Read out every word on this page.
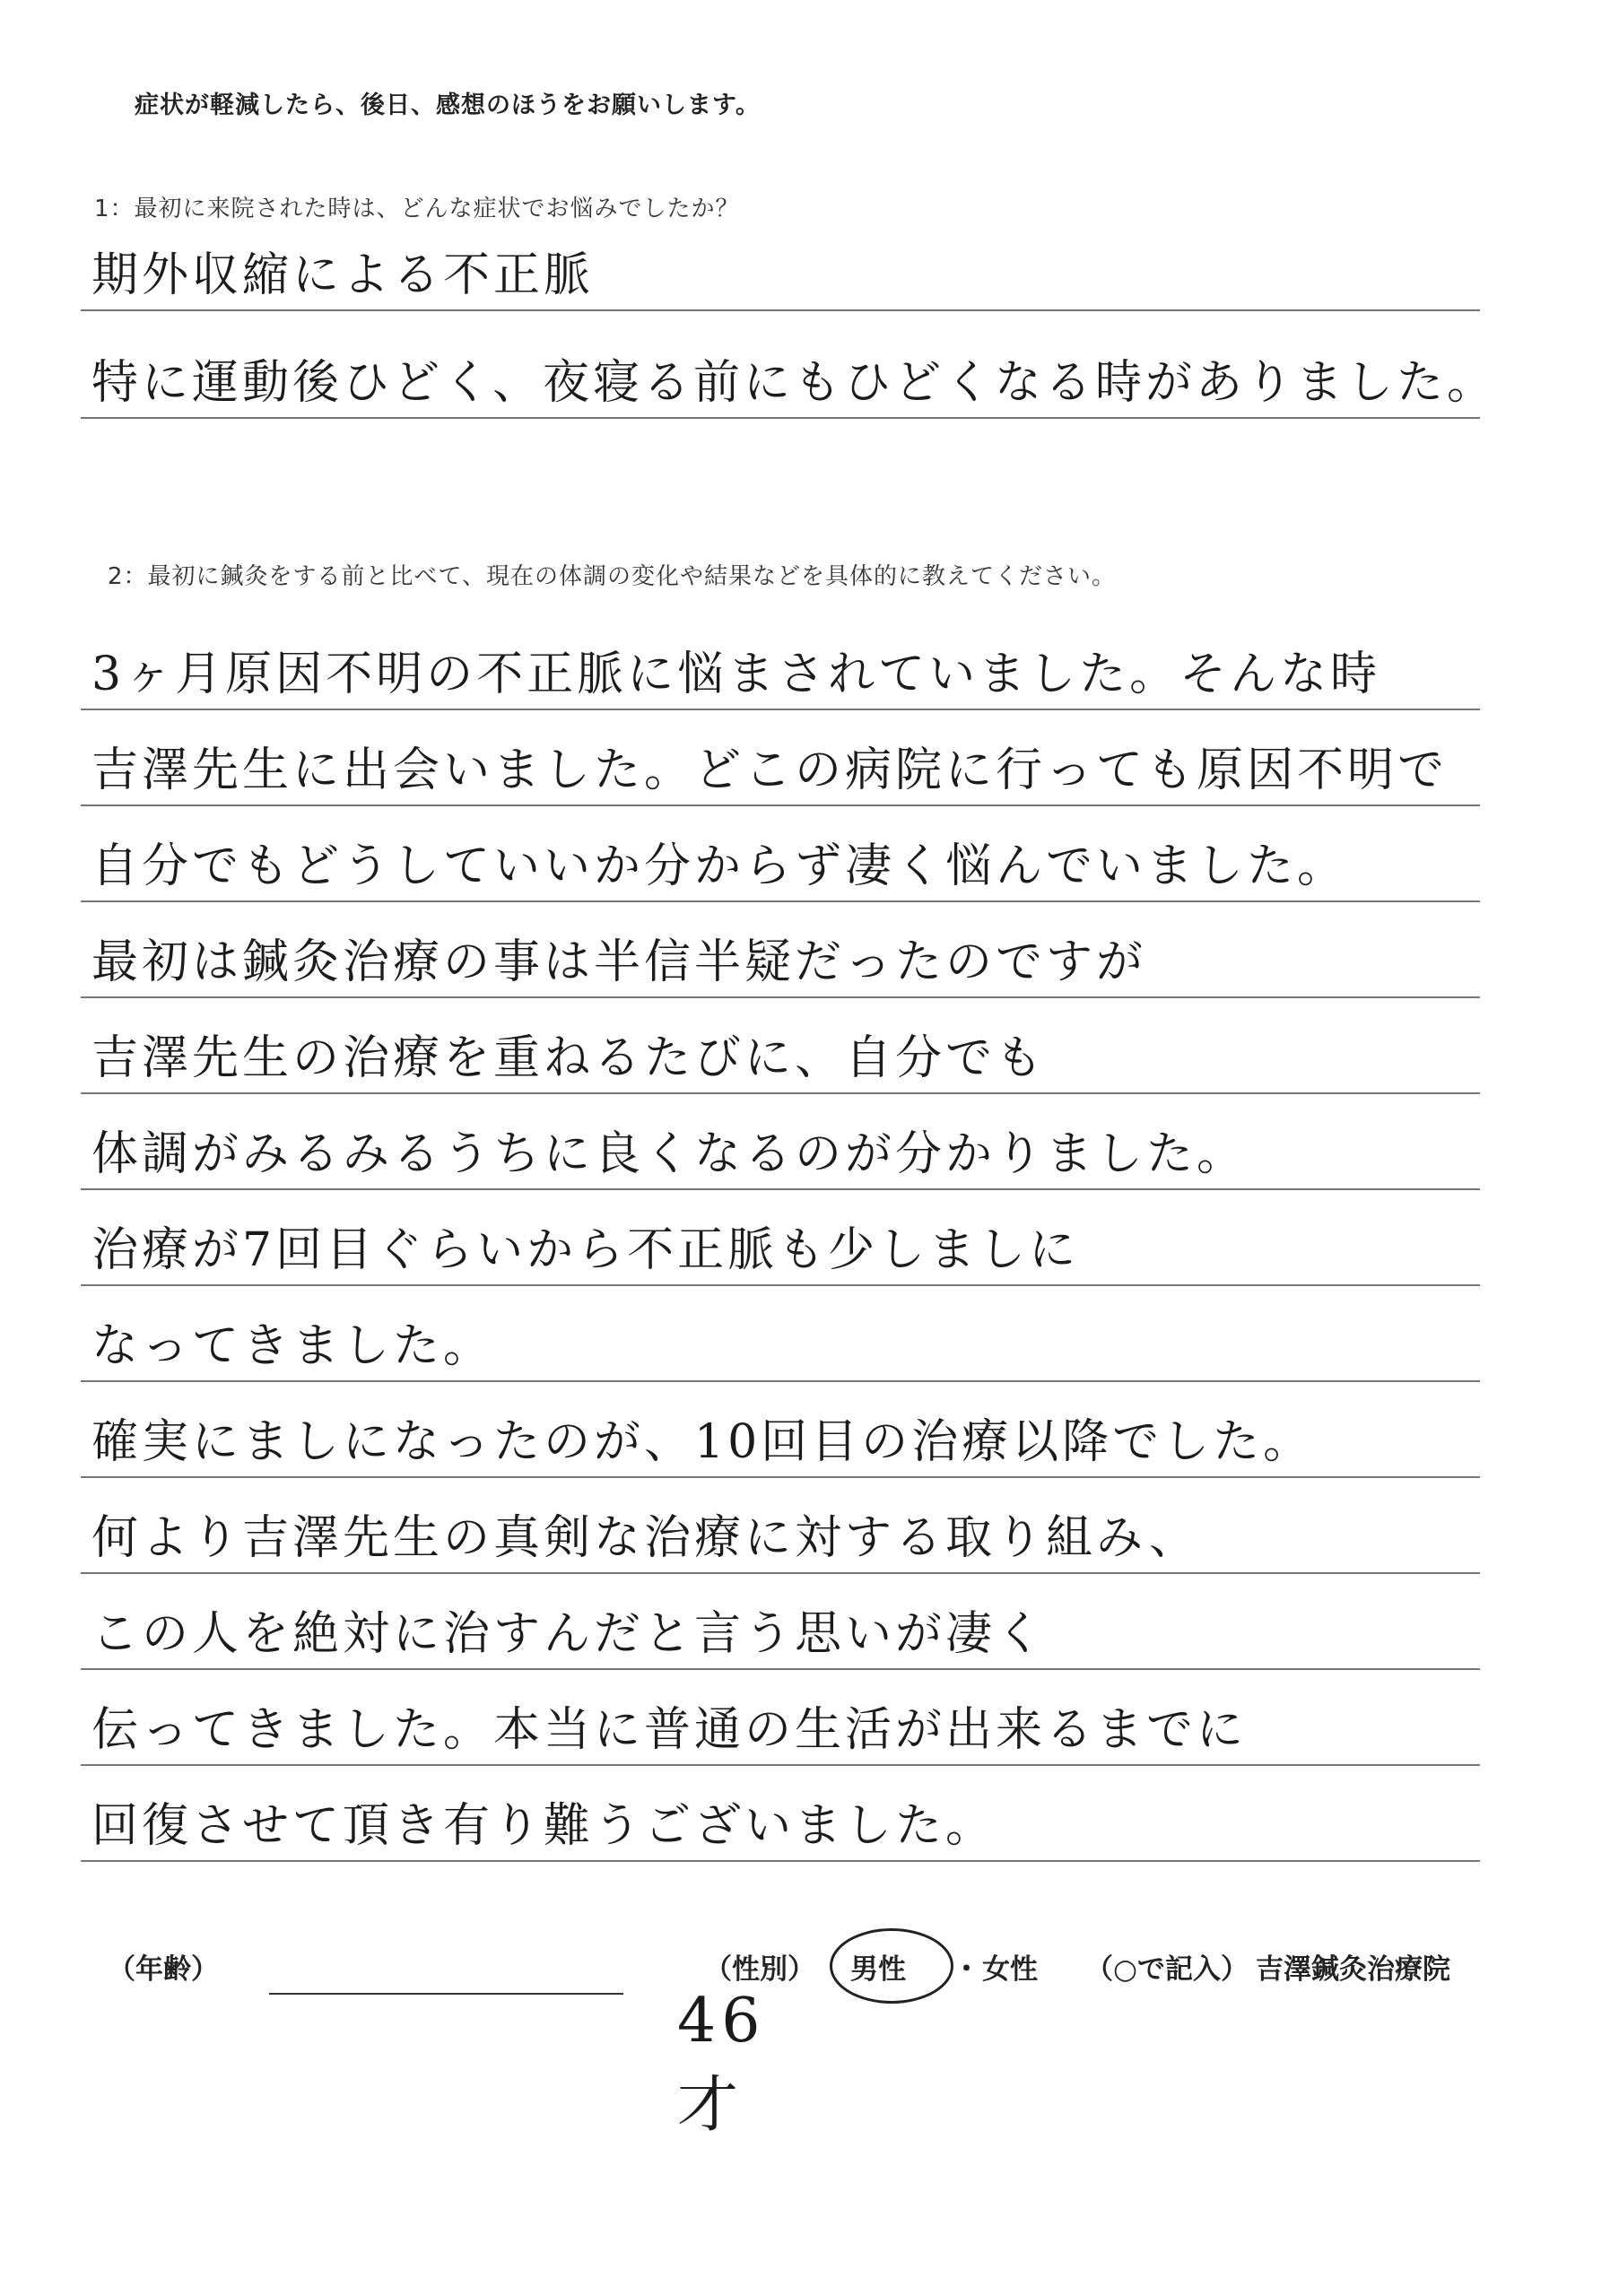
症状が軽減したら、後日、感想のほうをお願いします。
1：最初に来院された時は、どんな症状でお悩みでしたか？
期外収縮による不正脈
特に運動後ひどく、夜寝る前にもひどくなる時がありました。
2：最初に鍼灸をする前と比べて、現在の体調の変化や結果などを具体的に教えてください。
3ヶ月原因不明の不正脈に悩まされていました。そんな時
吉澤先生に出会いました。どこの病院に行っても原因不明で
自分でもどうしていいか分からず凄く悩んでいました。
最初は鍼灸治療の事は半信半疑だったのですが
吉澤先生の治療を重ねるたびに、自分でも
体調がみるみるうちに良くなるのが分かりました。
治療が7回目ぐらいから不正脈も少しましに
なってきました。
確実にましになったのが、10回目の治療以降でした。
何より吉澤先生の真剣な治療に対する取り組み、
この人を絶対に治すんだと言う思いが凄く
伝ってきました。本当に普通の生活が出来るまでに
回復させて頂き有り難うございました。
（年齢）
46才
（性別） 男性 ・ 女性 （○で記入） 吉澤鍼灸治療院
